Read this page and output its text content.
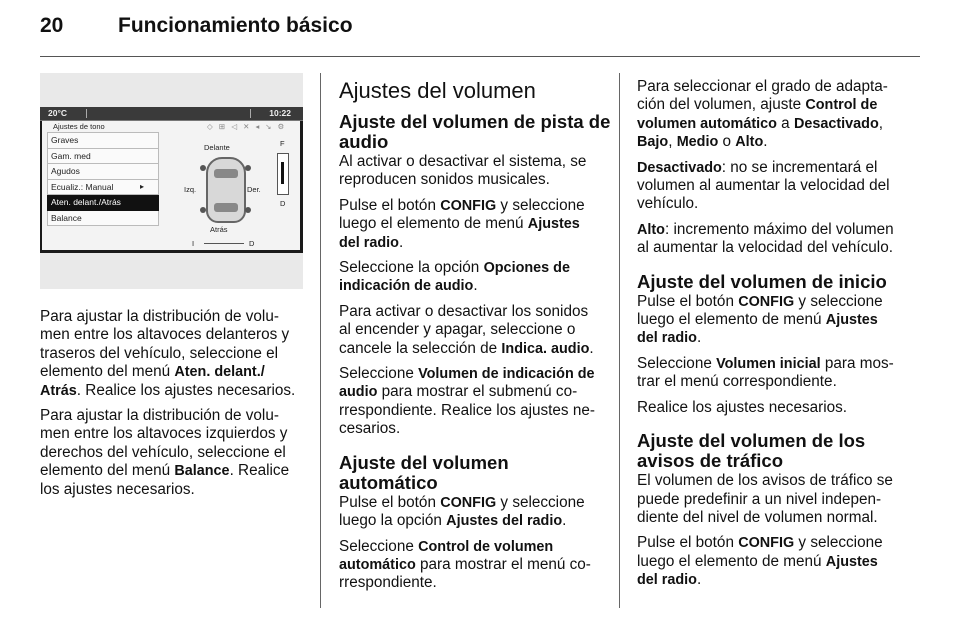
20	Funcionamiento básico
20°C	10:22
Ajustes de tono	◇ ⊞ ◁ ✕ ◂ ↘ ⚙
Graves
Gam. med
Agudos
Ecualiz.: Manual	▸
Aten. delant./Atrás
Balance
Delante
Atrás
Izq.	Der.
F
D
I	D

Para ajustar la distribución de volu-
men entre los altavoces delanteros y
traseros del vehículo, seleccione el
elemento del menú Aten. delant./
Atrás. Realice los ajustes necesarios.

Para ajustar la distribución de volu-
men entre los altavoces izquierdos y
derechos del vehículo, seleccione el
elemento del menú Balance. Realice
los ajustes necesarios.

Ajustes del volumen
Ajuste del volumen de pista de
audio

Al activar o desactivar el sistema, se
reproducen sonidos musicales.

Pulse el botón CONFIG y seleccione
luego el elemento de menú Ajustes
del radio.

Seleccione la opción Opciones de
indicación de audio.

Para activar o desactivar los sonidos
al encender y apagar, seleccione o
cancele la selección de Indica. audio.

Seleccione Volumen de indicación de
audio para mostrar el submenú co-
rrespondiente. Realice los ajustes ne-
cesarios.

Ajuste del volumen automático

Pulse el botón CONFIG y seleccione
luego la opción Ajustes del radio.

Seleccione Control de volumen
automático para mostrar el menú co-
rrespondiente.

Para seleccionar el grado de adapta-
ción del volumen, ajuste Control de
volumen automático a Desactivado,
Bajo, Medio o Alto.

Desactivado: no se incrementará el
volumen al aumentar la velocidad del
vehículo.

Alto: incremento máximo del volumen
al aumentar la velocidad del vehículo.

Ajuste del volumen de inicio

Pulse el botón CONFIG y seleccione
luego el elemento de menú Ajustes
del radio.

Seleccione Volumen inicial para mos-
trar el menú correspondiente.

Realice los ajustes necesarios.

Ajuste del volumen de los
avisos de tráfico

El volumen de los avisos de tráfico se
puede predefinir a un nivel indepen-
diente del nivel de volumen normal.

Pulse el botón CONFIG y seleccione
luego el elemento de menú Ajustes
del radio.
